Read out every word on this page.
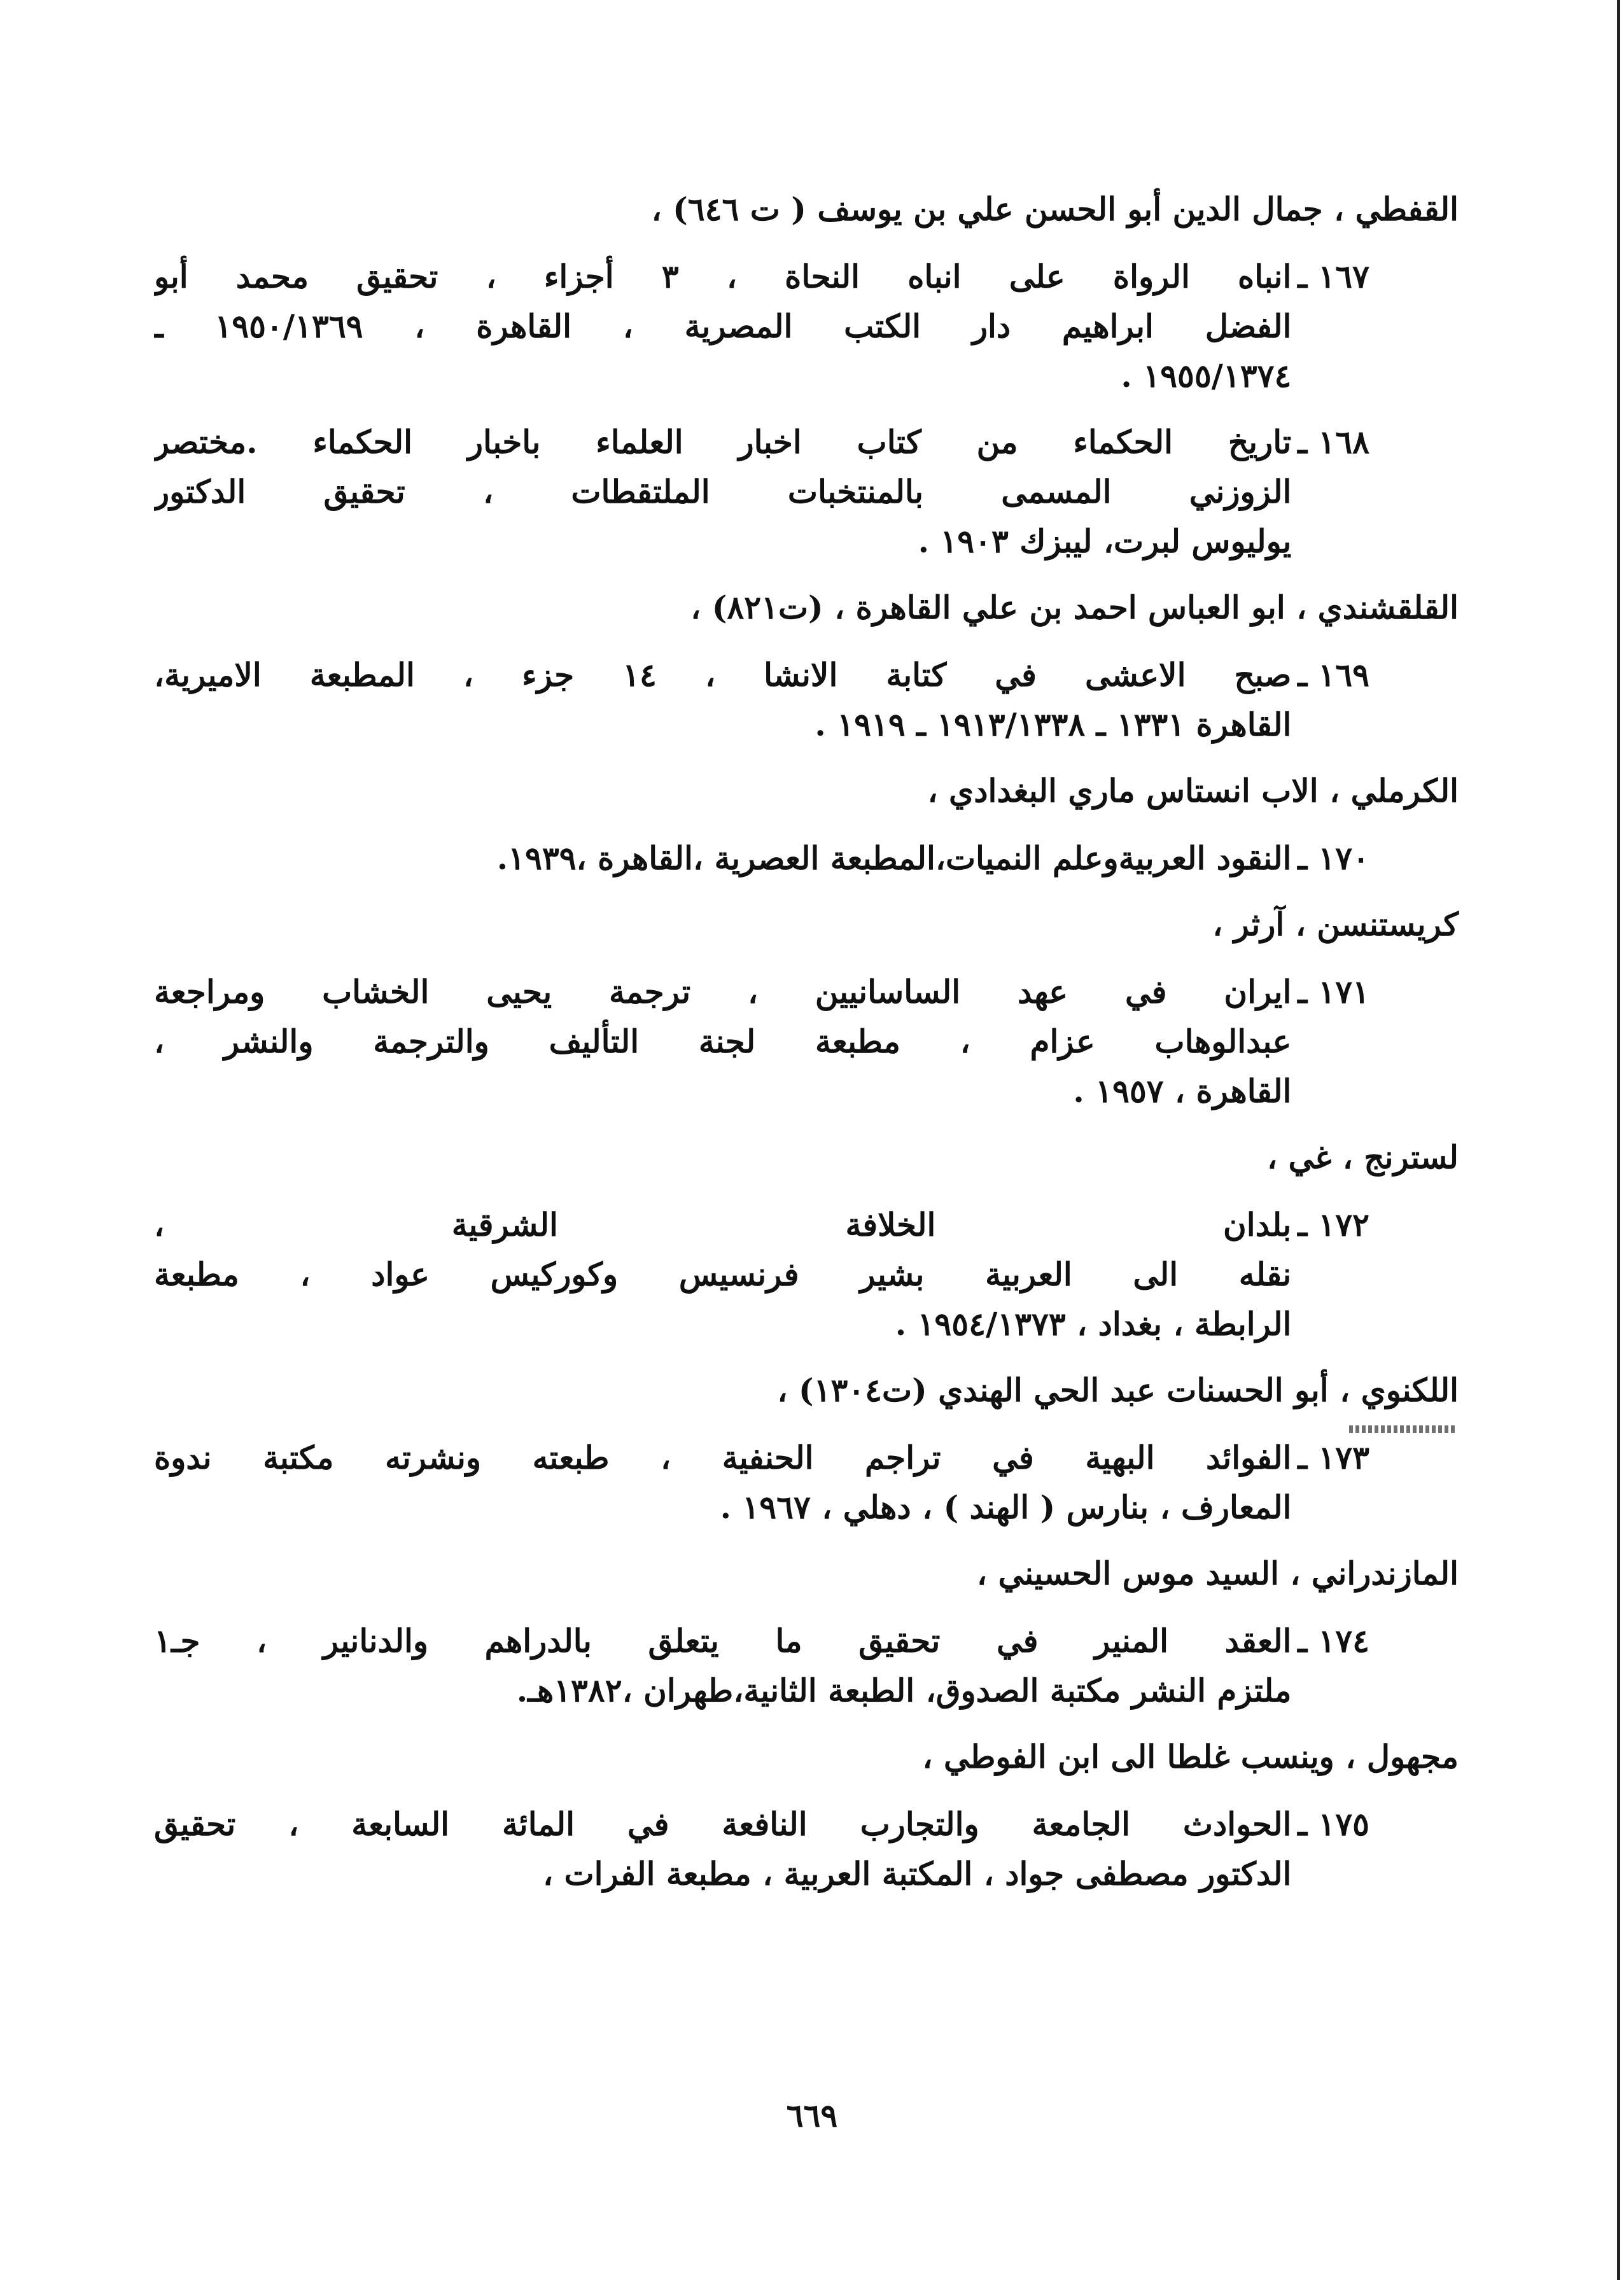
القفطي ، جمال الدين أبو الحسن علي بن يوسف ( ت ٦٤٦) ،
١٦٧ ـ
انباه الرواة على انباه النحاة ، ٣ أجزاء ، تحقيق محمد أبو
الفضل ابراهيم دار الكتب المصرية ، القاهرة ، ١٩٥٠/١٣٦٩ ـ
١٩٥٥/١٣٧٤ .
١٦٨ ـ
تاريخ الحكماء من كتاب اخبار العلماء باخبار الحكماء .مختصر
الزوزني المسمى بالمنتخبات الملتقطات ، تحقيق الدكتور
يوليوس لبرت، ليبزك ١٩٠٣ .
القلقشندي ، ابو العباس احمد بن علي القاهرة ، (ت٨٢١) ،
١٦٩ ـ
صبح الاعشى في كتابة الانشا ، ١٤ جزء ، المطبعة الاميرية،
القاهرة ١٣٣١ ـ ١٩١٣/١٣٣٨ ـ ١٩١٩ .
الكرملي ، الاب انستاس ماري البغدادي ،
١٧٠ ـ
النقود العربيةوعلم النميات،المطبعة العصرية ،القاهرة ،١٩٣٩.
كريستنسن ، آرثر ،
١٧١ ـ
ايران في عهد الساسانيين ، ترجمة يحيى الخشاب ومراجعة
عبدالوهاب عزام ، مطبعة لجنة التأليف والترجمة والنشر ،
القاهرة ، ١٩٥٧ .
لسترنج ، غي ،
١٧٢ ـ
بلدان الخلافة الشرقية ،
نقله الى العربية بشير فرنسيس وكوركيس عواد ، مطبعة
الرابطة ، بغداد ، ١٩٥٤/١٣٧٣ .
اللكنوي ، أبو الحسنات عبد الحي الهندي (ت١٣٠٤) ،
١٧٣ ـ
الفوائد البهية في تراجم الحنفية ، طبعته ونشرته مكتبة ندوة
المعارف ، بنارس ( الهند ) ، دهلي ، ١٩٦٧ .
المازندراني ، السيد موس الحسيني ،
١٧٤ ـ
العقد المنير في تحقيق ما يتعلق بالدراهم والدنانير ، جـ١
ملتزم النشر مكتبة الصدوق، الطبعة الثانية،طهران ،١٣٨٢هـ.
مجهول ، وينسب غلطا الى ابن الفوطي ،
١٧٥ ـ
الحوادث الجامعة والتجارب النافعة في المائة السابعة ، تحقيق
الدكتور مصطفى جواد ، المكتبة العربية ، مطبعة الفرات ،
٦٦٩
